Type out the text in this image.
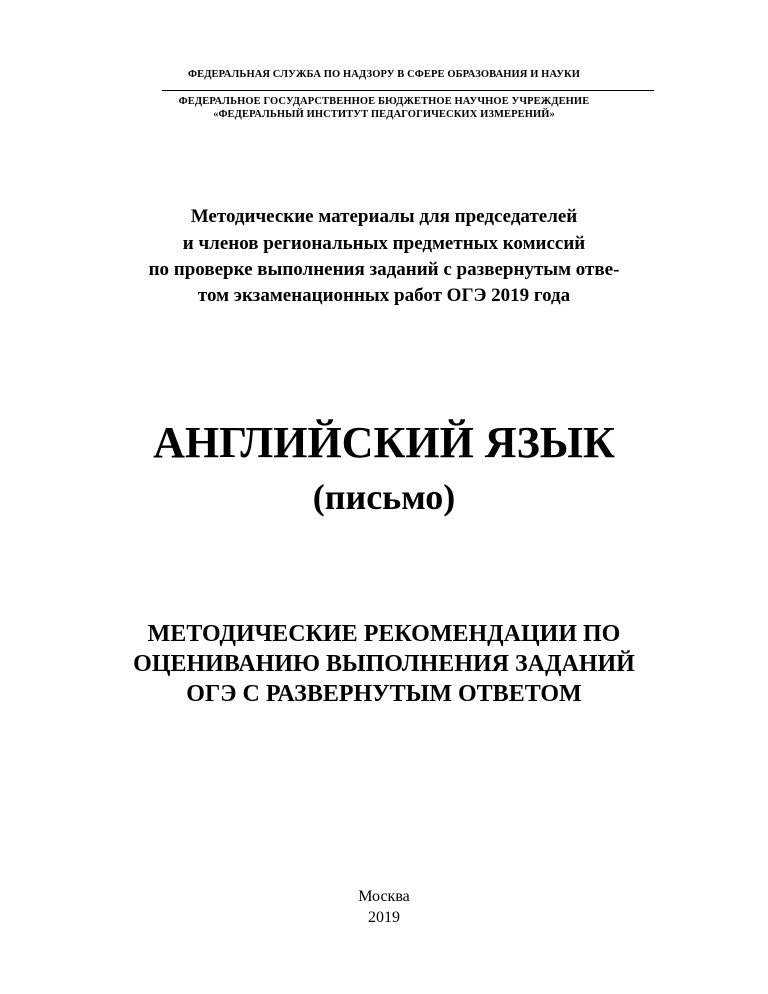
ФЕДЕРАЛЬНАЯ СЛУЖБА ПО НАДЗОРУ В СФЕРЕ ОБРАЗОВАНИЯ И НАУКИ
ФЕДЕРАЛЬНОЕ ГОСУДАРСТВЕННОЕ БЮДЖЕТНОЕ НАУЧНОЕ УЧРЕЖДЕНИЕ
«ФЕДЕРАЛЬНЫЙ ИНСТИТУТ ПЕДАГОГИЧЕСКИХ ИЗМЕРЕНИЙ»
Методические материалы для председателей
и членов региональных предметных комиссий
по проверке выполнения заданий с развернутым отве-
том экзаменационных работ ОГЭ 2019 года
АНГЛИЙСКИЙ ЯЗЫК
(письмо)
МЕТОДИЧЕСКИЕ РЕКОМЕНДАЦИИ ПО
ОЦЕНИВАНИЮ ВЫПОЛНЕНИЯ ЗАДАНИЙ
ОГЭ С РАЗВЕРНУТЫМ ОТВЕТОМ
Москва
2019
